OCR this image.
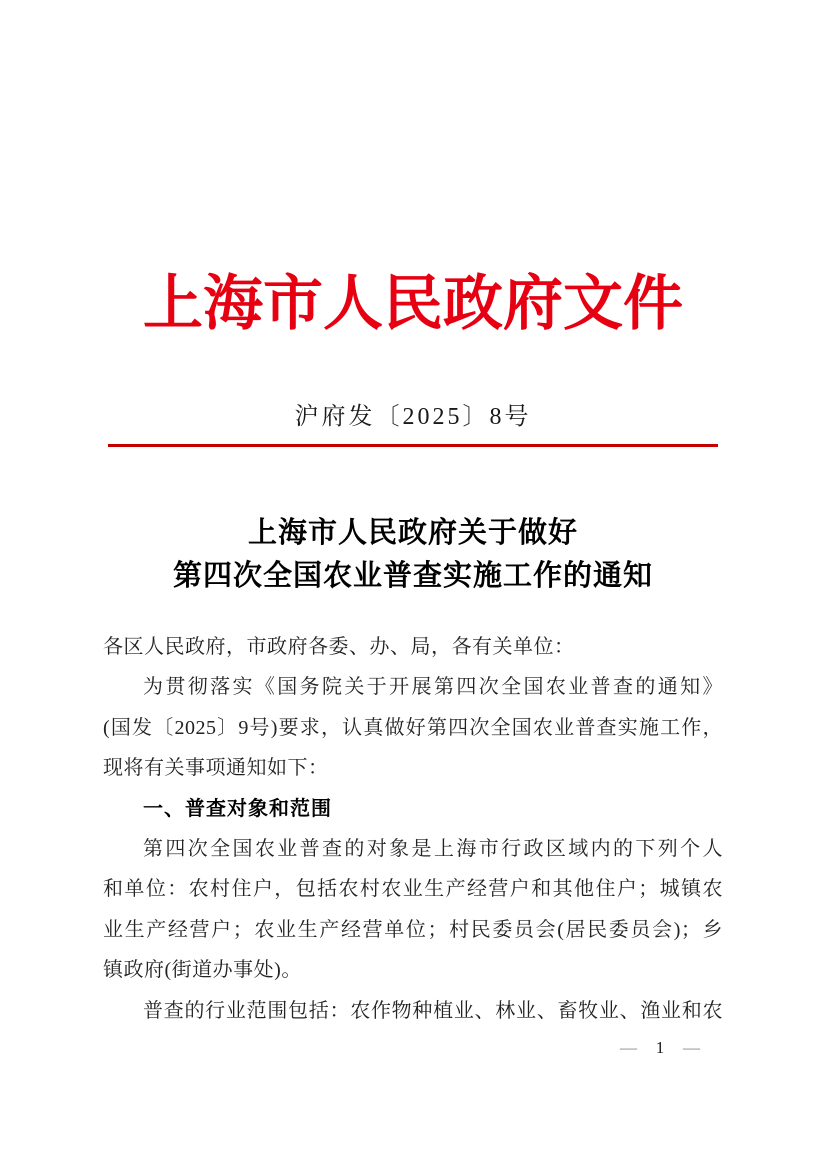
上海市人民政府文件
沪府发〔2025〕8号
上海市人民政府关于做好
第四次全国农业普查实施工作的通知
各区人民政府，市政府各委、办、局，各有关单位：
为贯彻落实《国务院关于开展第四次全国农业普查的通知》
(国发〔2025〕9号)要求，认真做好第四次全国农业普查实施工作，
现将有关事项通知如下：
一、普查对象和范围
第四次全国农业普查的对象是上海市行政区域内的下列个人
和单位：农村住户，包括农村农业生产经营户和其他住户；城镇农
业生产经营户；农业生产经营单位；村民委员会(居民委员会)；乡
镇政府(街道办事处)。
普查的行业范围包括：农作物种植业、林业、畜牧业、渔业和农
— 1 —
